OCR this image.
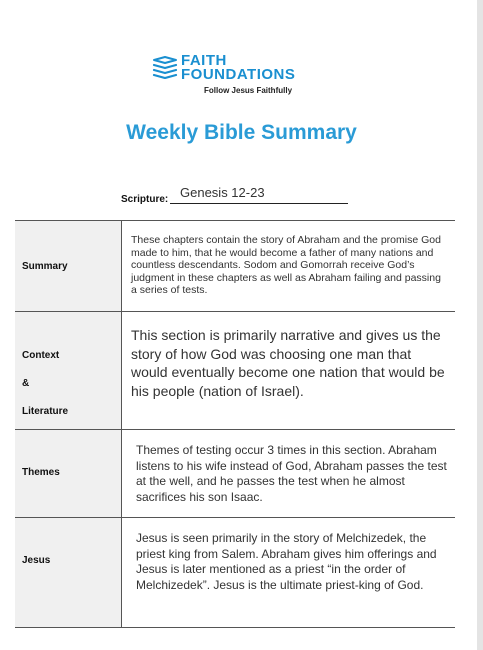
FAITH
FOUNDATIONS
Follow Jesus Faithfully
Weekly Bible Summary
Scripture: Genesis 12-23
Summary
These chapters contain the story of Abraham and the promise God made to him, that he would become a father of many nations and countless descendants. Sodom and Gomorrah receive God’s judgment in these chapters as well as Abraham failing and passing a series of tests.
Context
&
Literature
This section is primarily narrative and gives us the story of how God was choosing one man that would eventually become one nation that would be his people (nation of Israel).
Themes
Themes of testing occur 3 times in this section. Abraham listens to his wife instead of God, Abraham passes the test at the well, and he passes the test when he almost sacrifices his son Isaac.
Jesus
Jesus is seen primarily in the story of Melchizedek, the priest king from Salem. Abraham gives him offerings and Jesus is later mentioned as a priest “in the order of Melchizedek”. Jesus is the ultimate priest-king of God.
